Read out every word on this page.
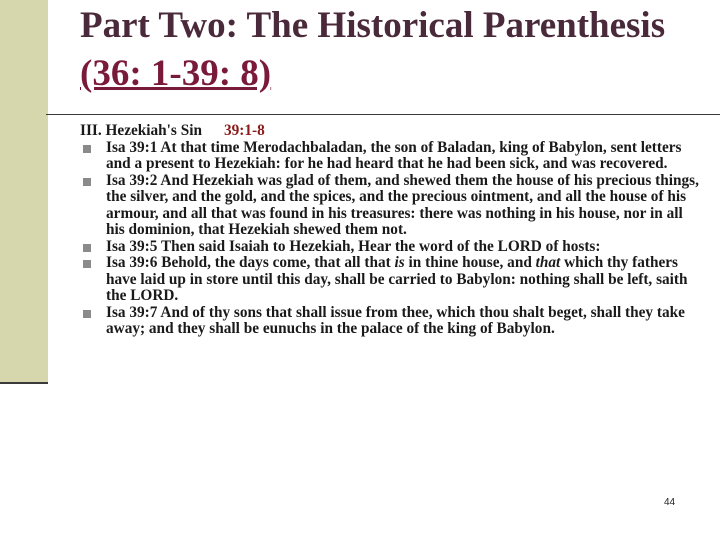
Part Two: The Historical Parenthesis (36: 1-39: 8)

III. Hezekiah's Sin 39:1-8

Isa 39:1 At that time Merodachbaladan, the son of Baladan, king of Babylon, sent letters and a present to Hezekiah: for he had heard that he had been sick, and was recovered.
Isa 39:2 And Hezekiah was glad of them, and shewed them the house of his precious things, the silver, and the gold, and the spices, and the precious ointment, and all the house of his armour, and all that was found in his treasures: there was nothing in his house, nor in all his dominion, that Hezekiah shewed them not.
Isa 39:5 Then said Isaiah to Hezekiah, Hear the word of the LORD of hosts:
Isa 39:6 Behold, the days come, that all that is in thine house, and that which thy fathers have laid up in store until this day, shall be carried to Babylon: nothing shall be left, saith the LORD.
Isa 39:7 And of thy sons that shall issue from thee, which thou shalt beget, shall they take away; and they shall be eunuchs in the palace of the king of Babylon.
44
